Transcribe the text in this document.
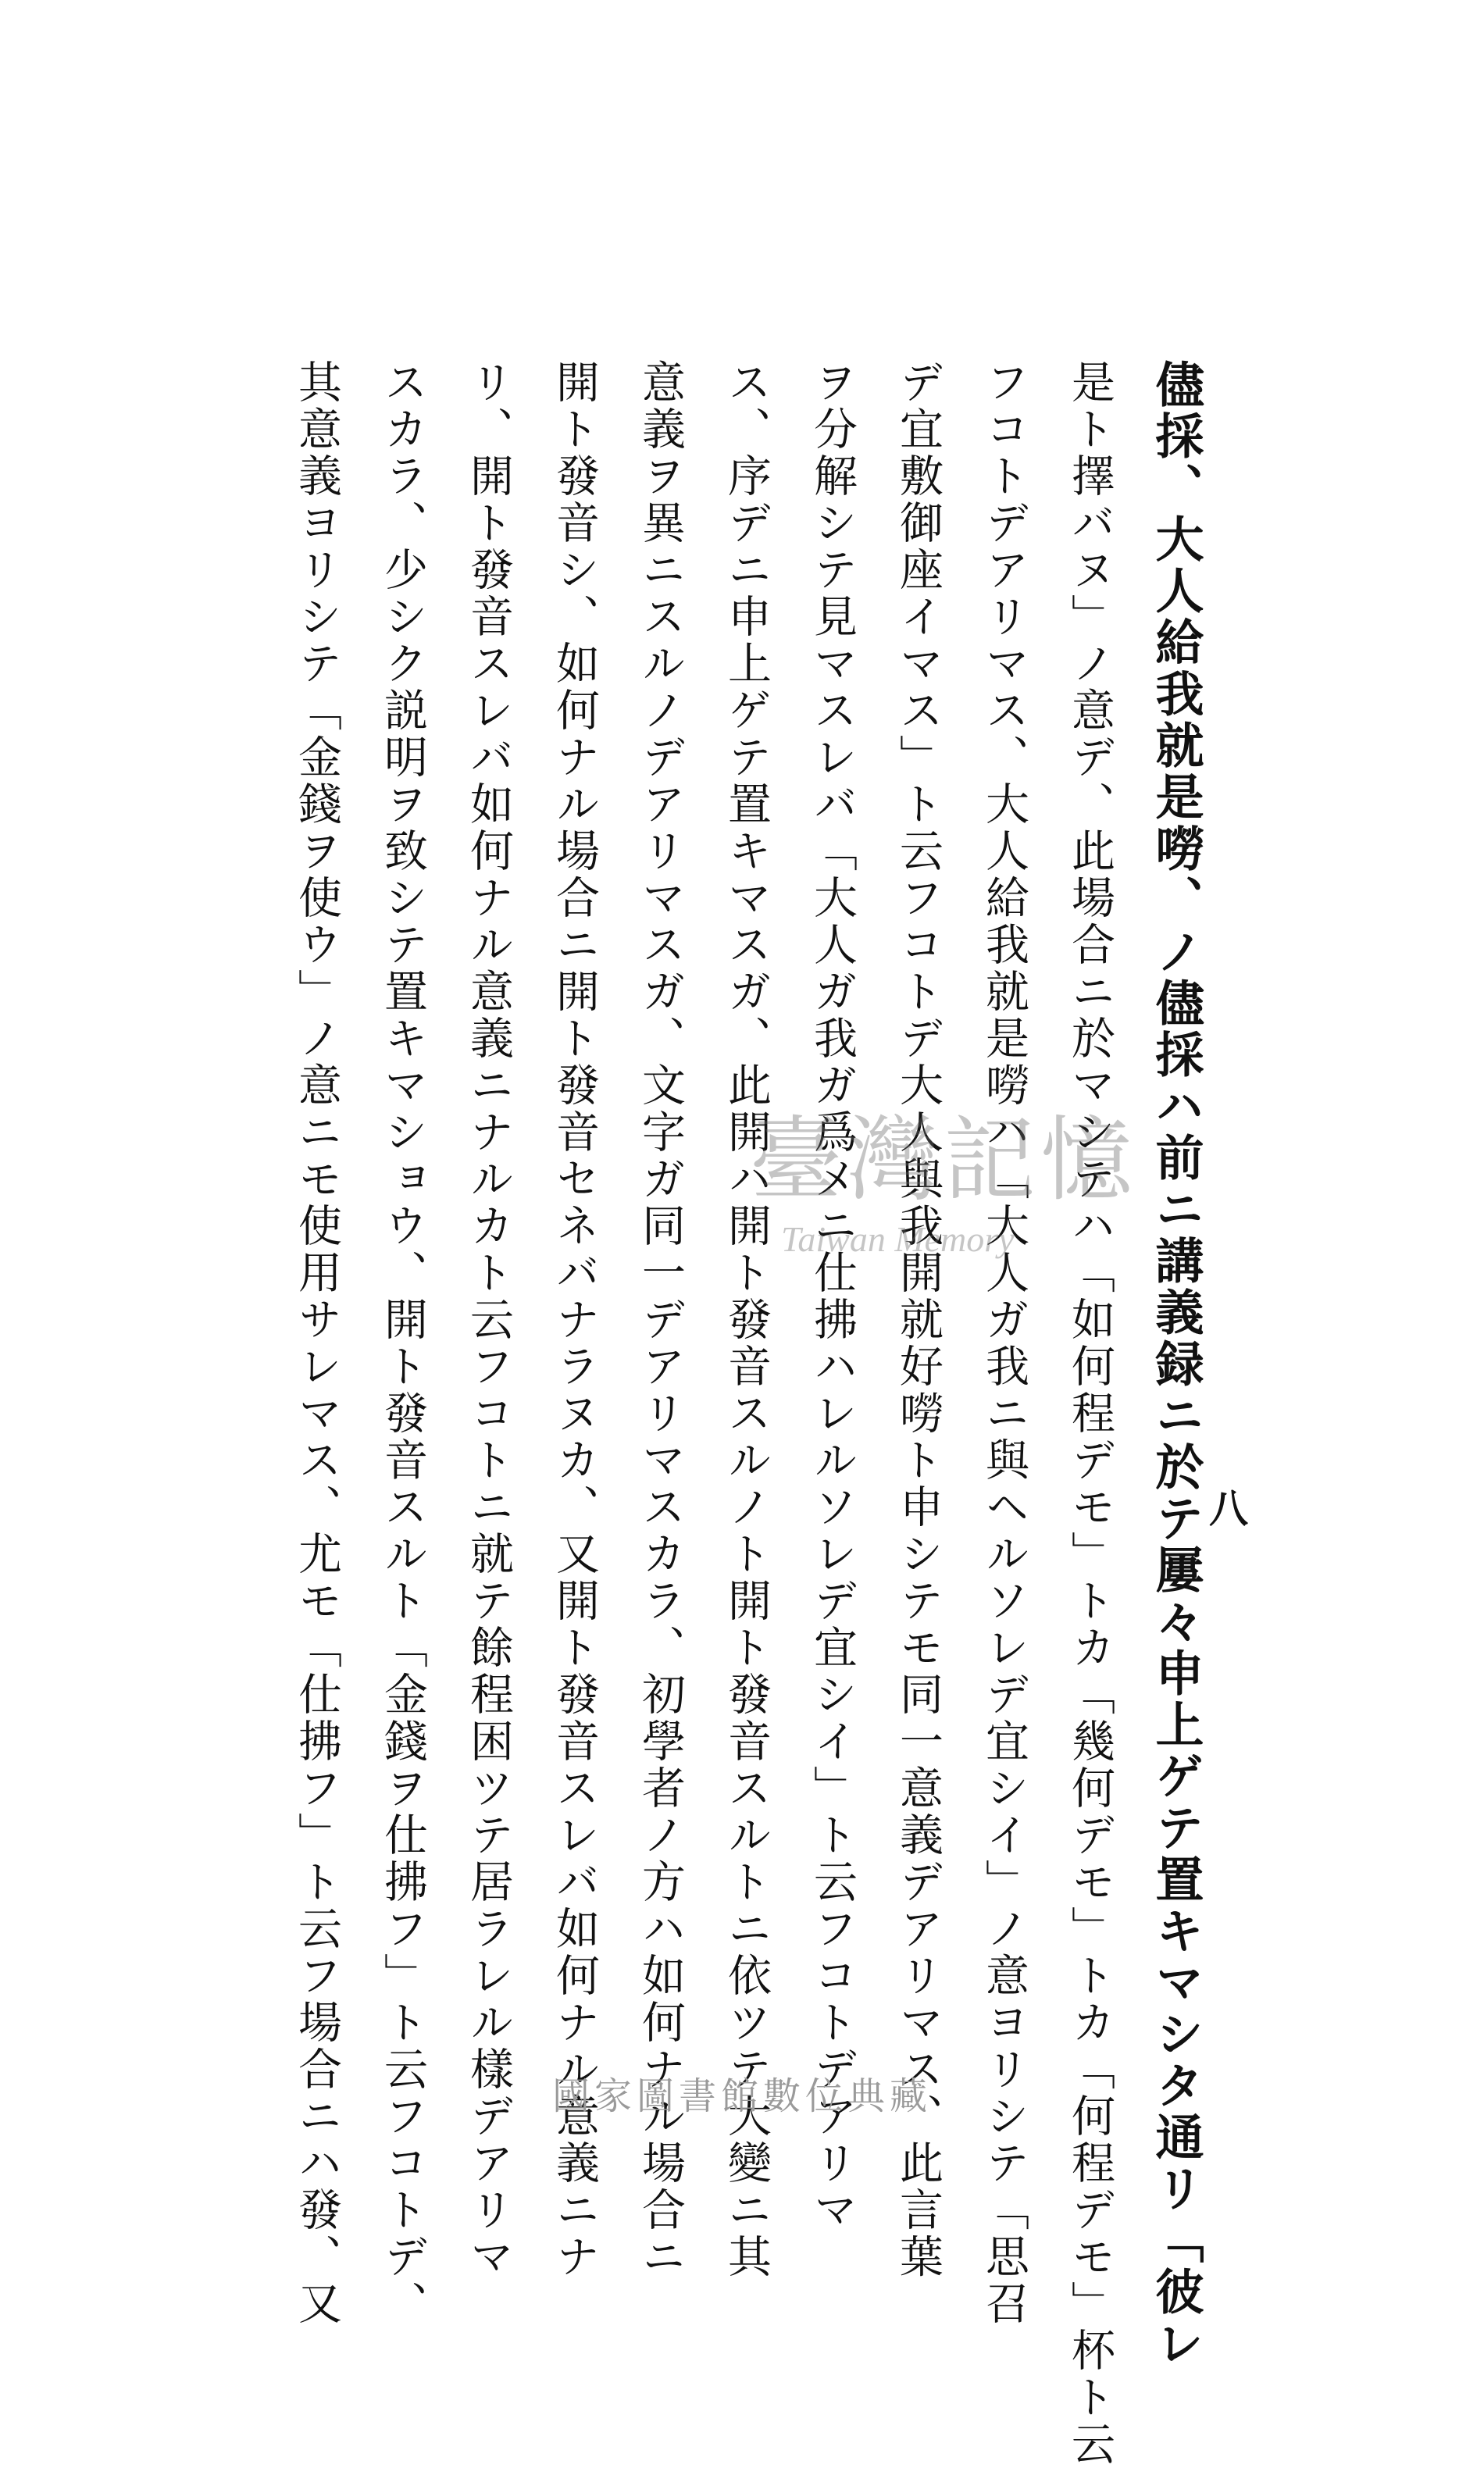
八
儘採、大人給我就是嘮、ノ儘採ハ前ニ講義録ニ於テ屢々申上ゲテ置キマシタ通リ「彼レ
是ト擇バヌ」ノ意デ、此場合ニ於マシテハ「如何程デモ」トカ「幾何デモ」トカ「何程デモ」杯ト云
フコトデアリマス、大人給我就是嘮ハ「大人ガ我ニ與ヘルソレデ宜シイ」ノ意ヨリシテ「思召
デ宜敷御座イマス」ト云フコトデ大人與我開就好嘮ト申シテモ同一意義デアリマス、此言葉
ヲ分解シテ見マスレバ「大人ガ我ガ爲メニ仕拂ハレルソレデ宜シイ」ト云フコトデアリマ
ス、序デニ申上ゲテ置キマスガ、此開ハ開ト發音スルノト開ト發音スルトニ依ツテ大變ニ其
意義ヲ異ニスルノデアリマスガ、文字ガ同一デアリマスカラ、初學者ノ方ハ如何ナル場合ニ
開ト發音シ、如何ナル場合ニ開ト發音セネバナラヌカ、又開ト發音スレバ如何ナル意義ニナ
リ、開ト發音スレバ如何ナル意義ニナルカト云フコトニ就テ餘程困ツテ居ラレル樣デアリマ
スカラ、少シク説明ヲ致シテ置キマショウ、開ト發音スルト「金錢ヲ仕拂フ」ト云フコトデ、
其意義ヨリシテ「金錢ヲ使ウ」ノ意ニモ使用サレマス、尤モ「仕拂フ」ト云フ場合ニハ發、又	臺灣記憶
Taiwan Memory
國家圖書館數位典藏
